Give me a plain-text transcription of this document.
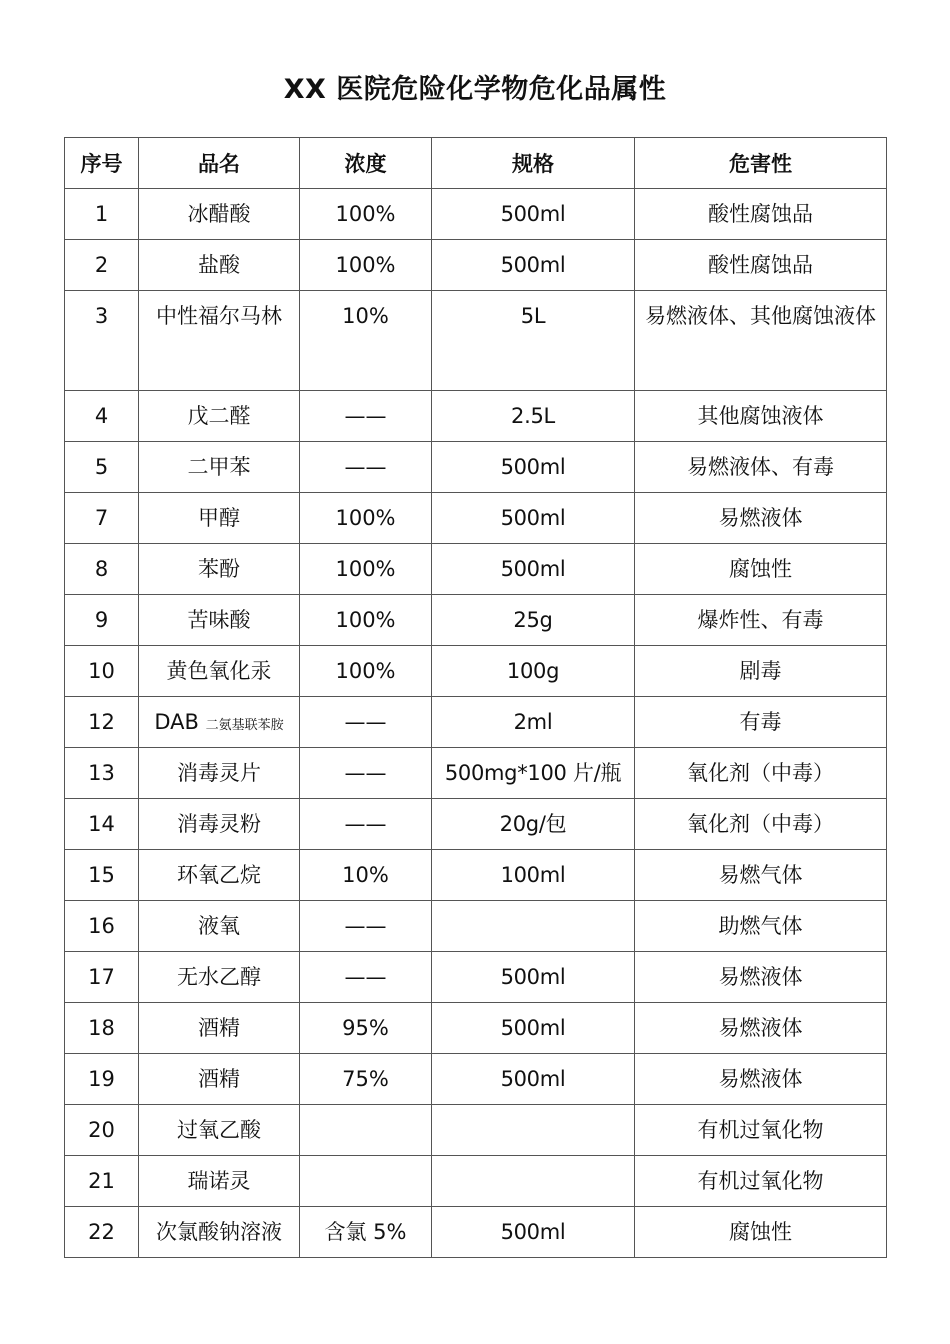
XX 医院危险化学物危化品属性
序号	品名	浓度	规格	危害性
1	冰醋酸	100%	500ml	酸性腐蚀品
2	盐酸	100%	500ml	酸性腐蚀品
3	中性福尔马林	10%	5L	易燃液体、其他腐蚀液体
4	戊二醛	——	2.5L	其他腐蚀液体
5	二甲苯	——	500ml	易燃液体、有毒
7	甲醇	100%	500ml	易燃液体
8	苯酚	100%	500ml	腐蚀性
9	苦味酸	100%	25g	爆炸性、有毒
10	黄色氧化汞	100%	100g	剧毒
12	DAB 二氨基联苯胺	——	2ml	有毒
13	消毒灵片	——	500mg*100 片/瓶	氧化剂（中毒）
14	消毒灵粉	——	20g/包	氧化剂（中毒）
15	环氧乙烷	10%	100ml	易燃气体
16	液氧	——		助燃气体
17	无水乙醇	——	500ml	易燃液体
18	酒精	95%	500ml	易燃液体
19	酒精	75%	500ml	易燃液体
20	过氧乙酸			有机过氧化物
21	瑞诺灵			有机过氧化物
22	次氯酸钠溶液	含氯 5%	500ml	腐蚀性
